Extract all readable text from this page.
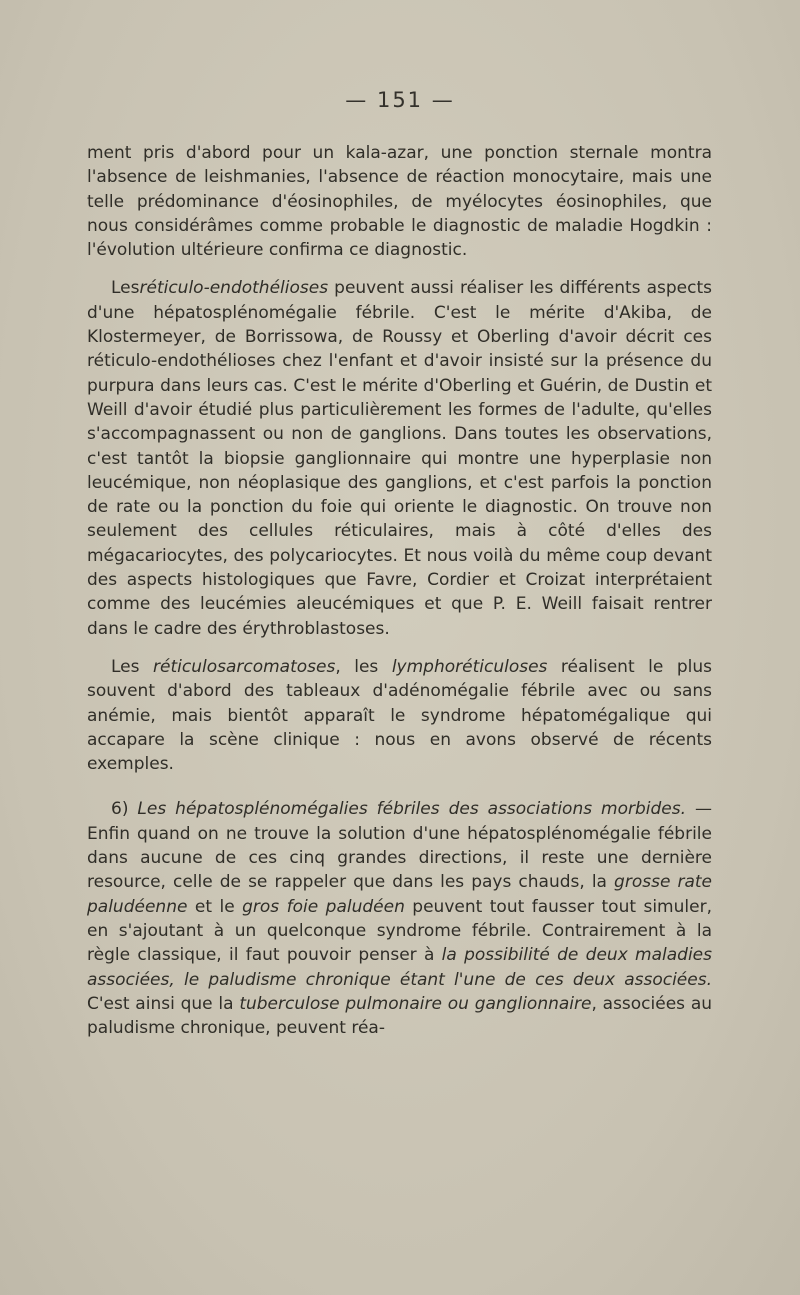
— 151 —

ment pris d'abord pour un kala-azar, une ponction sternale montra l'absence de leishmanies, l'absence de réaction monocytaire, mais une telle prédominance d'éosinophiles, de myélocytes éosinophiles, que nous considérâmes comme probable le diagnostic de maladie Hogdkin : l'évolution ultérieure confirma ce diagnostic.

Lesréticulo-endothélioses peuvent aussi réaliser les différents aspects d'une hépatosplénomégalie fébrile. C'est le mérite d'Akiba, de Klostermeyer, de Borrissowa, de Roussy et Oberling d'avoir décrit ces réticulo-endothélioses chez l'enfant et d'avoir insisté sur la présence du purpura dans leurs cas. C'est le mérite d'Oberling et Guérin, de Dustin et Weill d'avoir étudié plus particulièrement les formes de l'adulte, qu'elles s'accompagnassent ou non de ganglions. Dans toutes les observations, c'est tantôt la biopsie ganglionnaire qui montre une hyperplasie non leucémique, non néoplasique des ganglions, et c'est parfois la ponction de rate ou la ponction du foie qui oriente le diagnostic. On trouve non seulement des cellules réticulaires, mais à côté d'elles des mégacariocytes, des polycariocytes. Et nous voilà du même coup devant des aspects histologiques que Favre, Cordier et Croizat interprétaient comme des leucémies aleucémiques et que P. E. Weill faisait rentrer dans le cadre des érythroblastoses.

Les réticulosarcomatoses, les lymphoréticuloses réalisent le plus souvent d'abord des tableaux d'adénomégalie fébrile avec ou sans anémie, mais bientôt apparaît le syndrome hépatomégalique qui accapare la scène clinique : nous en avons observé de récents exemples.

6) Les hépatosplénomégalies fébriles des associations morbides. — Enfin quand on ne trouve la solution d'une hépatosplénomégalie fébrile dans aucune de ces cinq grandes directions, il reste une dernière resource, celle de se rappeler que dans les pays chauds, la grosse rate paludéenne et le gros foie paludéen peuvent tout fausser tout simuler, en s'ajoutant à un quelconque syndrome fébrile. Contrairement à la règle classique, il faut pouvoir penser à la possibilité de deux maladies associées, le paludisme chronique étant l'une de ces deux associées. C'est ainsi que la tuberculose pulmonaire ou ganglionnaire, associées au paludisme chronique, peuvent réa-
